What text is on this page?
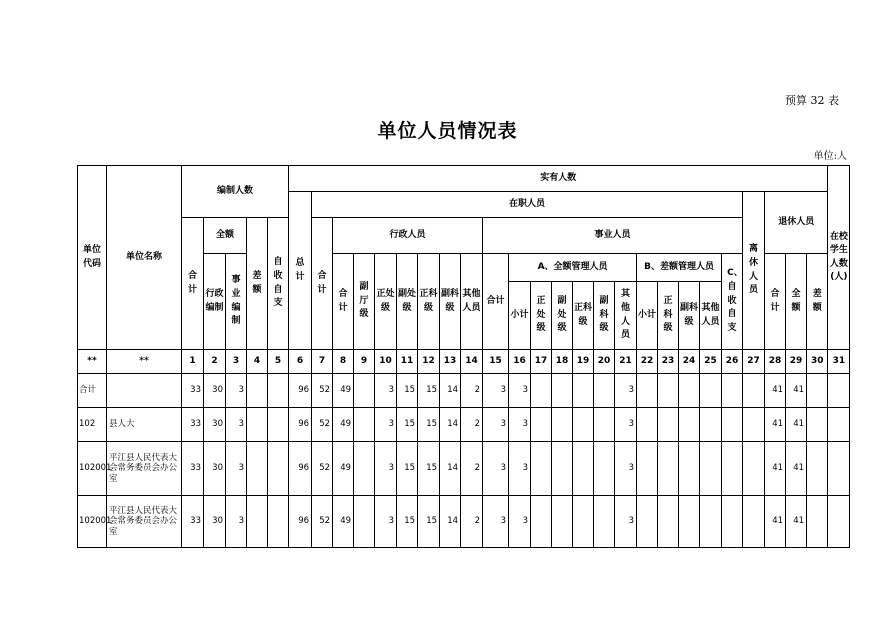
预算 32 表
单位人员情况表
单位:人
单位代码	单位名称	编制人数					实有人数																									在校学生人数(人)
							总计	在职人员																				离休人员	退休人员			
		合计	全额		差额	自收自支		合计	行政人员							事业人员																
			行政编制	事业编制					合计	副厅级	正处级	副处级	正科级	副科级	其他人员	合计	A、全额管理人员						B、差额管理人员				C、自收自支		合计	全额	差额	
																	小计	正处级	副处级	正科级	副科级	其他人员	小计	正科级	副科级	其他人员						
**	**	1	2	3	4	5	6	7	8	9	10	11	12	13	14	15	16	17	18	19	20	21	22	23	24	25	26	27	28	29	30	31
合计		33	30	3			96	52	49		3	15	15	14	2	3	3					3							41	41		
102	县人大	33	30	3			96	52	49		3	15	15	14	2	3	3					3							41	41		
102001	平江县人民代表大会常务委员会办公室	33	30	3			96	52	49		3	15	15	14	2	3	3					3							41	41		
102001	平江县人民代表大会常务委员会办公室	33	30	3			96	52	49		3	15	15	14	2	3	3					3							41	41		
